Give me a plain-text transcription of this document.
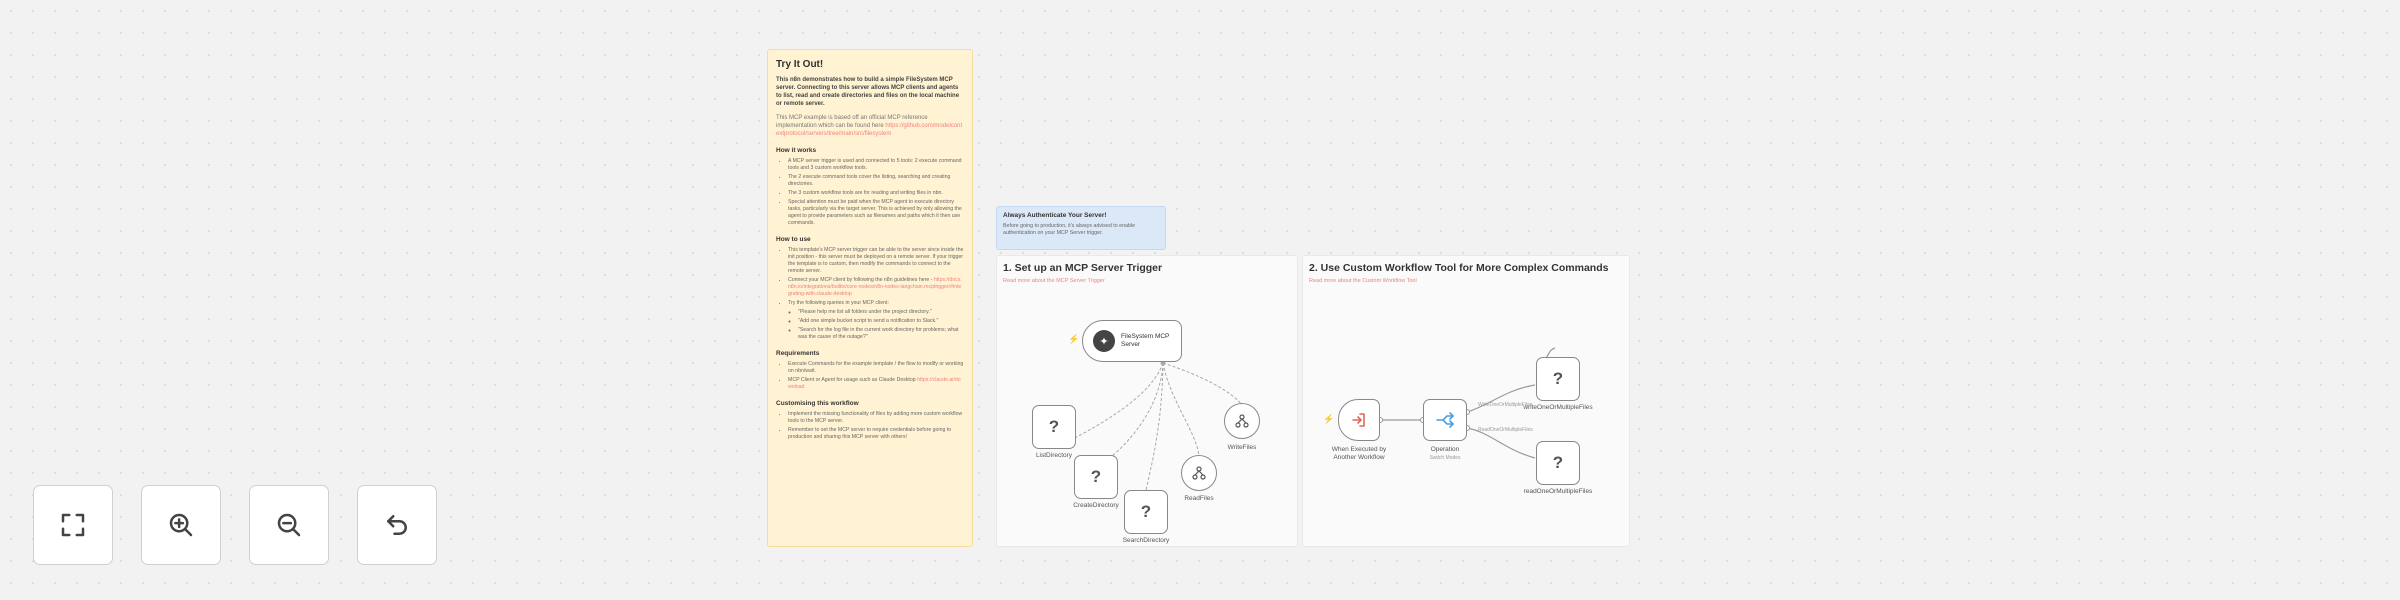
Try It Out!

This n8n demonstrates how to build a simple FileSystem MCP server. Connecting to this server allows MCP clients and agents to list, read and create directories and files on the local machine or remote server.

This MCP example is based off an official MCP reference implementation which can be found here https://github.com/modelcontextprotocol/servers/tree/main/src/filesystem

How it works
• A MCP server trigger is used and connected to 5 tools: 2 execute command tools and 3 custom workflow tools.
• The 2 execute command tools cover the listing, searching and creating directories.
• The 3 custom workflow tools are for reading and writing files in nbn.
• Special attention must be paid when the MCP agent to execute directory tasks, particularly via the target server. This is achieved by only allowing the agent to provide parameters such as filenames and paths which it then use commands.
How to use
• This template's MCP server trigger can be able to the server since inside the init position - this server must be deployed on a remote server. If your trigger the template is to custom, then modify the commands to connect to the remote server.
• Connect your MCP client by following the n8n guidelines here - https://docs.n8n.io/integrations/builtin/core-nodes/n8n-nodes-langchain.mcptrigger/#integrating-with-claude-desktop
• Try the following queries in your MCP client:
◦ "Please help me list all folders under the project directory."
◦ "Add one simple bucket script to send a notification to Slack."
◦ "Search for the log file in the current work directory for problems; what was the cause of the outage?"
Requirements
• Execute Commands for the example template / the flow to modify or working on nbn/wait.
• MCP Client or Agent for usage such as Claude Desktop https://claude.ai/download
Customising this workflow
• Implement the missing functionality of files by adding more custom workflow tools to the MCP server.
• Remember to set the MCP server to require credentials before going to production and sharing this MCP server with others!
Always Authenticate Your Server!
Before going to production, it's always advised to enable authentication on your MCP Server trigger.
1. Set up an MCP Server Trigger
Read more about the MCP Server Trigger
2. Use Custom Workflow Tool for More Complex Commands
Read more about the Custom Workflow Tool
WriteOneOrMultipleFiles
ReadOneOrMultipleFiles
⚡	✦	FileSystem MCP
Server
?
ListDirectory
?
CreateDirectory	?
SearchDirectory
ReadFiles
WriteFiles
⚡
When Executed by
Another Workflow
Operation
Switch Modes
?
writeOneOrMultipleFiles
?
readOneOrMultipleFiles
